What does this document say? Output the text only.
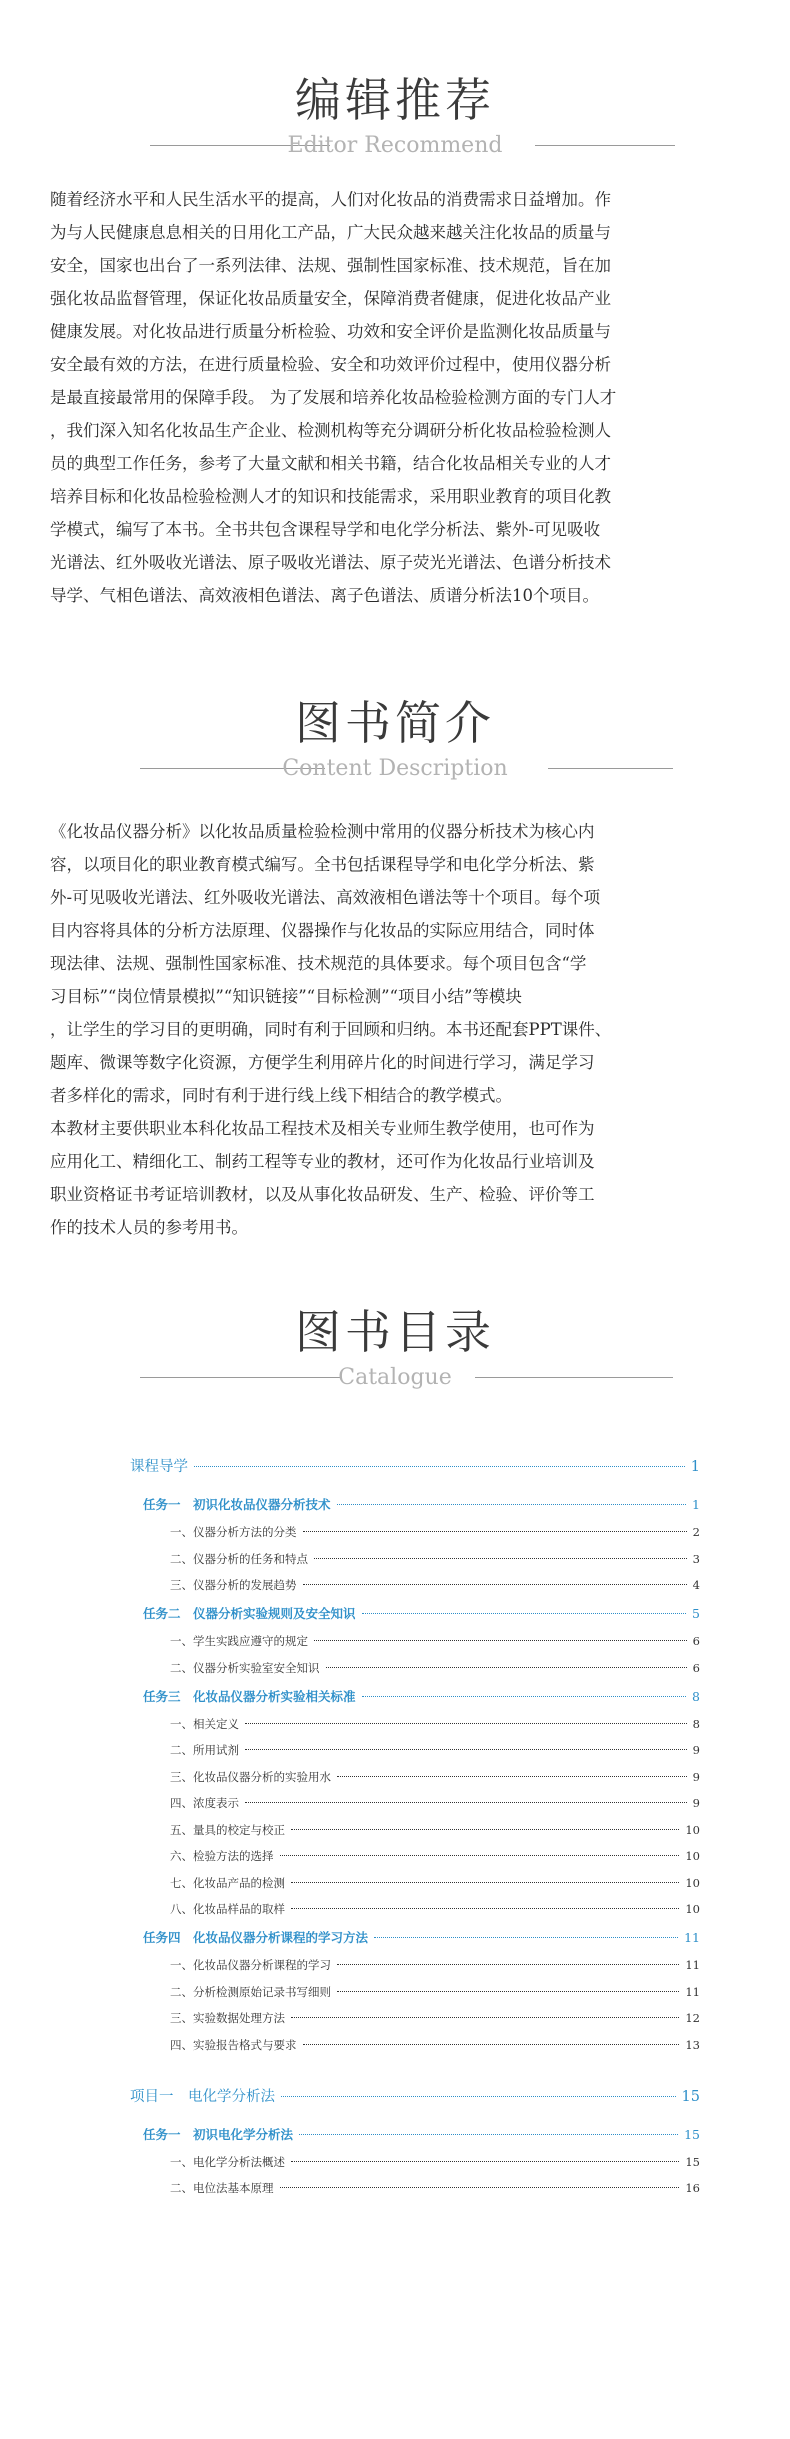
编辑推荐
Editor Recommend
随着经济水平和人民生活水平的提高，人们对化妆品的消费需求日益增加。作
为与人民健康息息相关的日用化工产品，广大民众越来越关注化妆品的质量与
安全，国家也出台了一系列法律、法规、强制性国家标准、技术规范，旨在加
强化妆品监督管理，保证化妆品质量安全，保障消费者健康，促进化妆品产业
健康发展。对化妆品进行质量分析检验、功效和安全评价是监测化妆品质量与
安全最有效的方法，在进行质量检验、安全和功效评价过程中，使用仪器分析
是最直接最常用的保障手段。 为了发展和培养化妆品检验检测方面的专门人才
，我们深入知名化妆品生产企业、检测机构等充分调研分析化妆品检验检测人
员的典型工作任务，参考了大量文献和相关书籍，结合化妆品相关专业的人才
培养目标和化妆品检验检测人才的知识和技能需求，采用职业教育的项目化教
学模式，编写了本书。全书共包含课程导学和电化学分析法、紫外-可见吸收
光谱法、红外吸收光谱法、原子吸收光谱法、原子荧光光谱法、色谱分析技术
导学、气相色谱法、高效液相色谱法、离子色谱法、质谱分析法10个项目。
图书简介
Content Description
《化妆品仪器分析》以化妆品质量检验检测中常用的仪器分析技术为核心内
容，以项目化的职业教育模式编写。全书包括课程导学和电化学分析法、紫
外-可见吸收光谱法、红外吸收光谱法、高效液相色谱法等十个项目。每个项
目内容将具体的分析方法原理、仪器操作与化妆品的实际应用结合，同时体
现法律、法规、强制性国家标准、技术规范的具体要求。每个项目包含“学
习目标”“岗位情景模拟”“知识链接”“目标检测”“项目小结”等模块
，让学生的学习目的更明确，同时有利于回顾和归纳。本书还配套PPT课件、
题库、微课等数字化资源，方便学生利用碎片化的时间进行学习，满足学习
者多样化的需求，同时有利于进行线上线下相结合的教学模式。
本教材主要供职业本科化妆品工程技术及相关专业师生教学使用，也可作为
应用化工、精细化工、制药工程等专业的教材，还可作为化妆品行业培训及
职业资格证书考证培训教材，以及从事化妆品研发、生产、检验、评价等工
作的技术人员的参考用书。
图书目录
Catalogue
课程导学	1
任务一　初识化妆品仪器分析技术	1
一、仪器分析方法的分类	2
二、仪器分析的任务和特点	3
三、仪器分析的发展趋势	4
任务二　仪器分析实验规则及安全知识	5
一、学生实践应遵守的规定	6
二、仪器分析实验室安全知识	6
任务三　化妆品仪器分析实验相关标准	8
一、相关定义	8
二、所用试剂	9
三、化妆品仪器分析的实验用水	9
四、浓度表示	9
五、量具的校定与校正	10
六、检验方法的选择	10
七、化妆品产品的检测	10
八、化妆品样品的取样	10
任务四　化妆品仪器分析课程的学习方法	11
一、化妆品仪器分析课程的学习	11
二、分析检测原始记录书写细则	11
三、实验数据处理方法	12
四、实验报告格式与要求	13
项目一　电化学分析法	15
任务一　初识电化学分析法	15
一、电化学分析法概述	15
二、电位法基本原理	16
